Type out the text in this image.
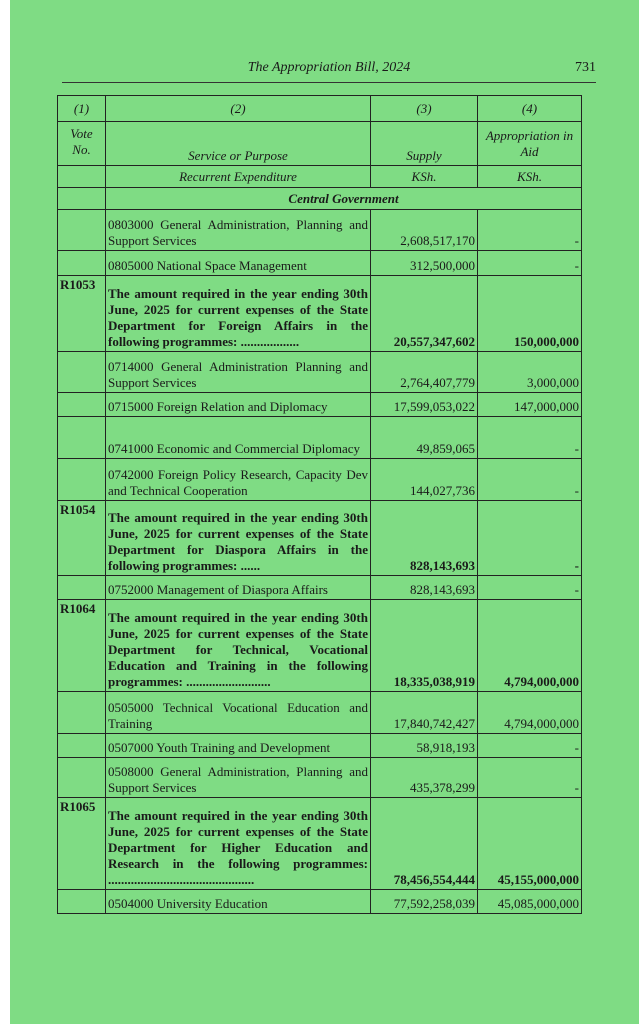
The Appropriation Bill, 2024	731
(1)	(2)	(3)	(4)
Vote No.	Service or Purpose	Supply	Appropriation in Aid
	Recurrent Expenditure	KSh.	KSh.
	Central Government		
	0803000 General Administration, Planning and Support Services	2,608,517,170	-
	0805000 National Space Management	312,500,000	-
R1053	The amount required in the year ending 30th June, 2025 for current expenses of the State Department for Foreign Affairs in the following programmes: ..................	20,557,347,602	150,000,000
	0714000 General Administration Planning and Support Services	2,764,407,779	3,000,000
	0715000 Foreign Relation and Diplomacy	17,599,053,022	147,000,000
	0741000 Economic and Commercial Diplomacy	49,859,065	-
	0742000 Foreign Policy Research, Capacity Dev and Technical Cooperation	144,027,736	-
R1054	The amount required in the year ending 30th June, 2025 for current expenses of the State Department for Diaspora Affairs in the following programmes: ......	828,143,693	-
	0752000 Management of Diaspora Affairs	828,143,693	-
R1064	The amount required in the year ending 30th June, 2025 for current expenses of the State Department for Technical, Vocational Education and Training in the following programmes: ..........................	18,335,038,919	4,794,000,000
	0505000 Technical Vocational Education and Training	17,840,742,427	4,794,000,000
	0507000 Youth Training and Development	58,918,193	-
	0508000 General Administration, Planning and Support Services	435,378,299	-
R1065	The amount required in the year ending 30th June, 2025 for current expenses of the State Department for Higher Education and Research in the following programmes: .............................................	78,456,554,444	45,155,000,000
	0504000 University Education	77,592,258,039	45,085,000,000
